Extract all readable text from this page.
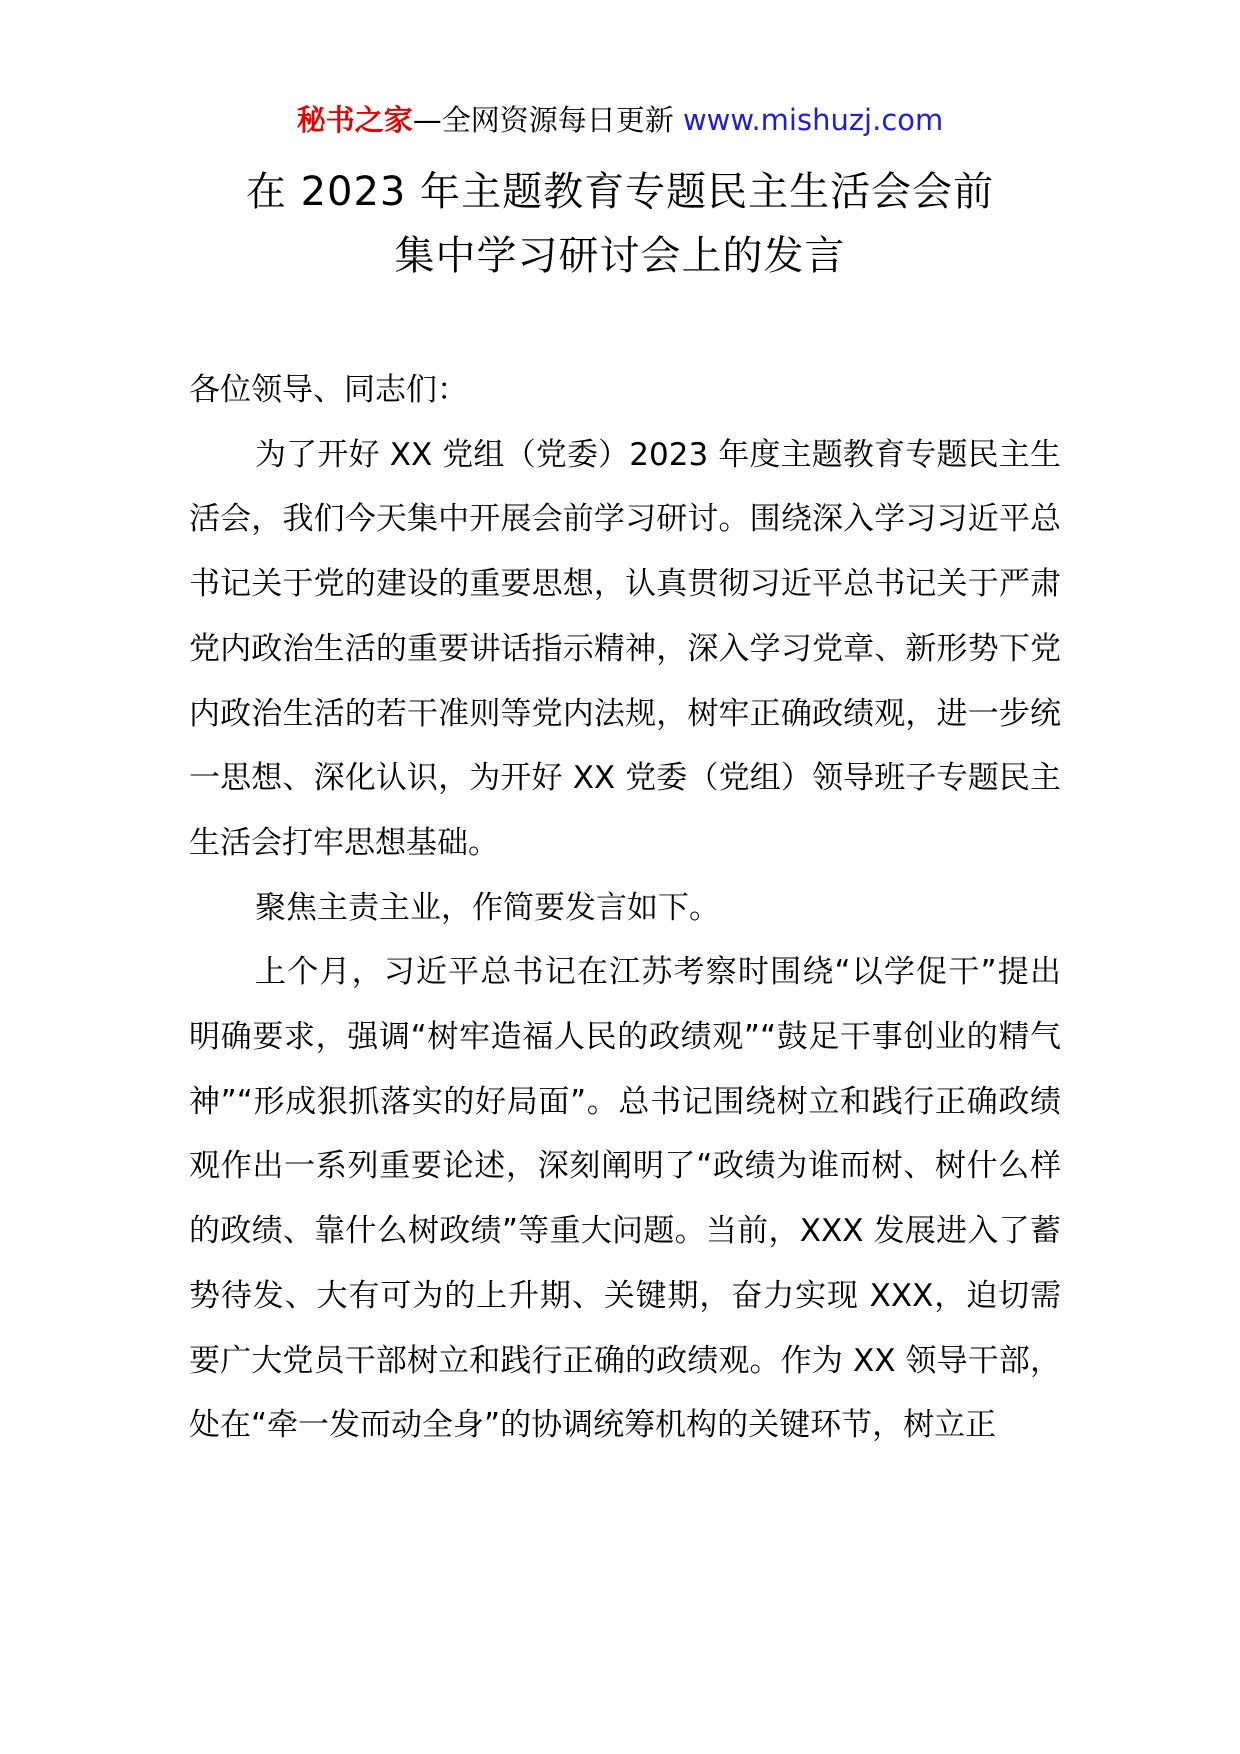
秘书之家—全网资源每日更新 www.mishuzj.com
在 2023 年主题教育专题民主生活会会前
集中学习研讨会上的发言

各位领导、同志们：

为了开好 XX 党组（党委）2023 年度主题教育专题民主生活会，我们今天集中开展会前学习研讨。围绕深入学习习近平总书记关于党的建设的重要思想，认真贯彻习近平总书记关于严肃党内政治生活的重要讲话指示精神，深入学习党章、新形势下党内政治生活的若干准则等党内法规，树牢正确政绩观，进一步统一思想、深化认识，为开好 XX 党委（党组）领导班子专题民主生活会打牢思想基础。

聚焦主责主业，作简要发言如下。

上个月，习近平总书记在江苏考察时围绕“以学促干”提出明确要求，强调“树牢造福人民的政绩观”“鼓足干事创业的精气神”“形成狠抓落实的好局面”。总书记围绕树立和践行正确政绩观作出一系列重要论述，深刻阐明了“政绩为谁而树、树什么样的政绩、靠什么树政绩”等重大问题。当前，XXX 发展进入了蓄势待发、大有可为的上升期、关键期，奋力实现 XXX，迫切需要广大党员干部树立和践行正确的政绩观。作为 XX 领导干部，处在“牵一发而动全身”的协调统筹机构的关键环节，树立正
